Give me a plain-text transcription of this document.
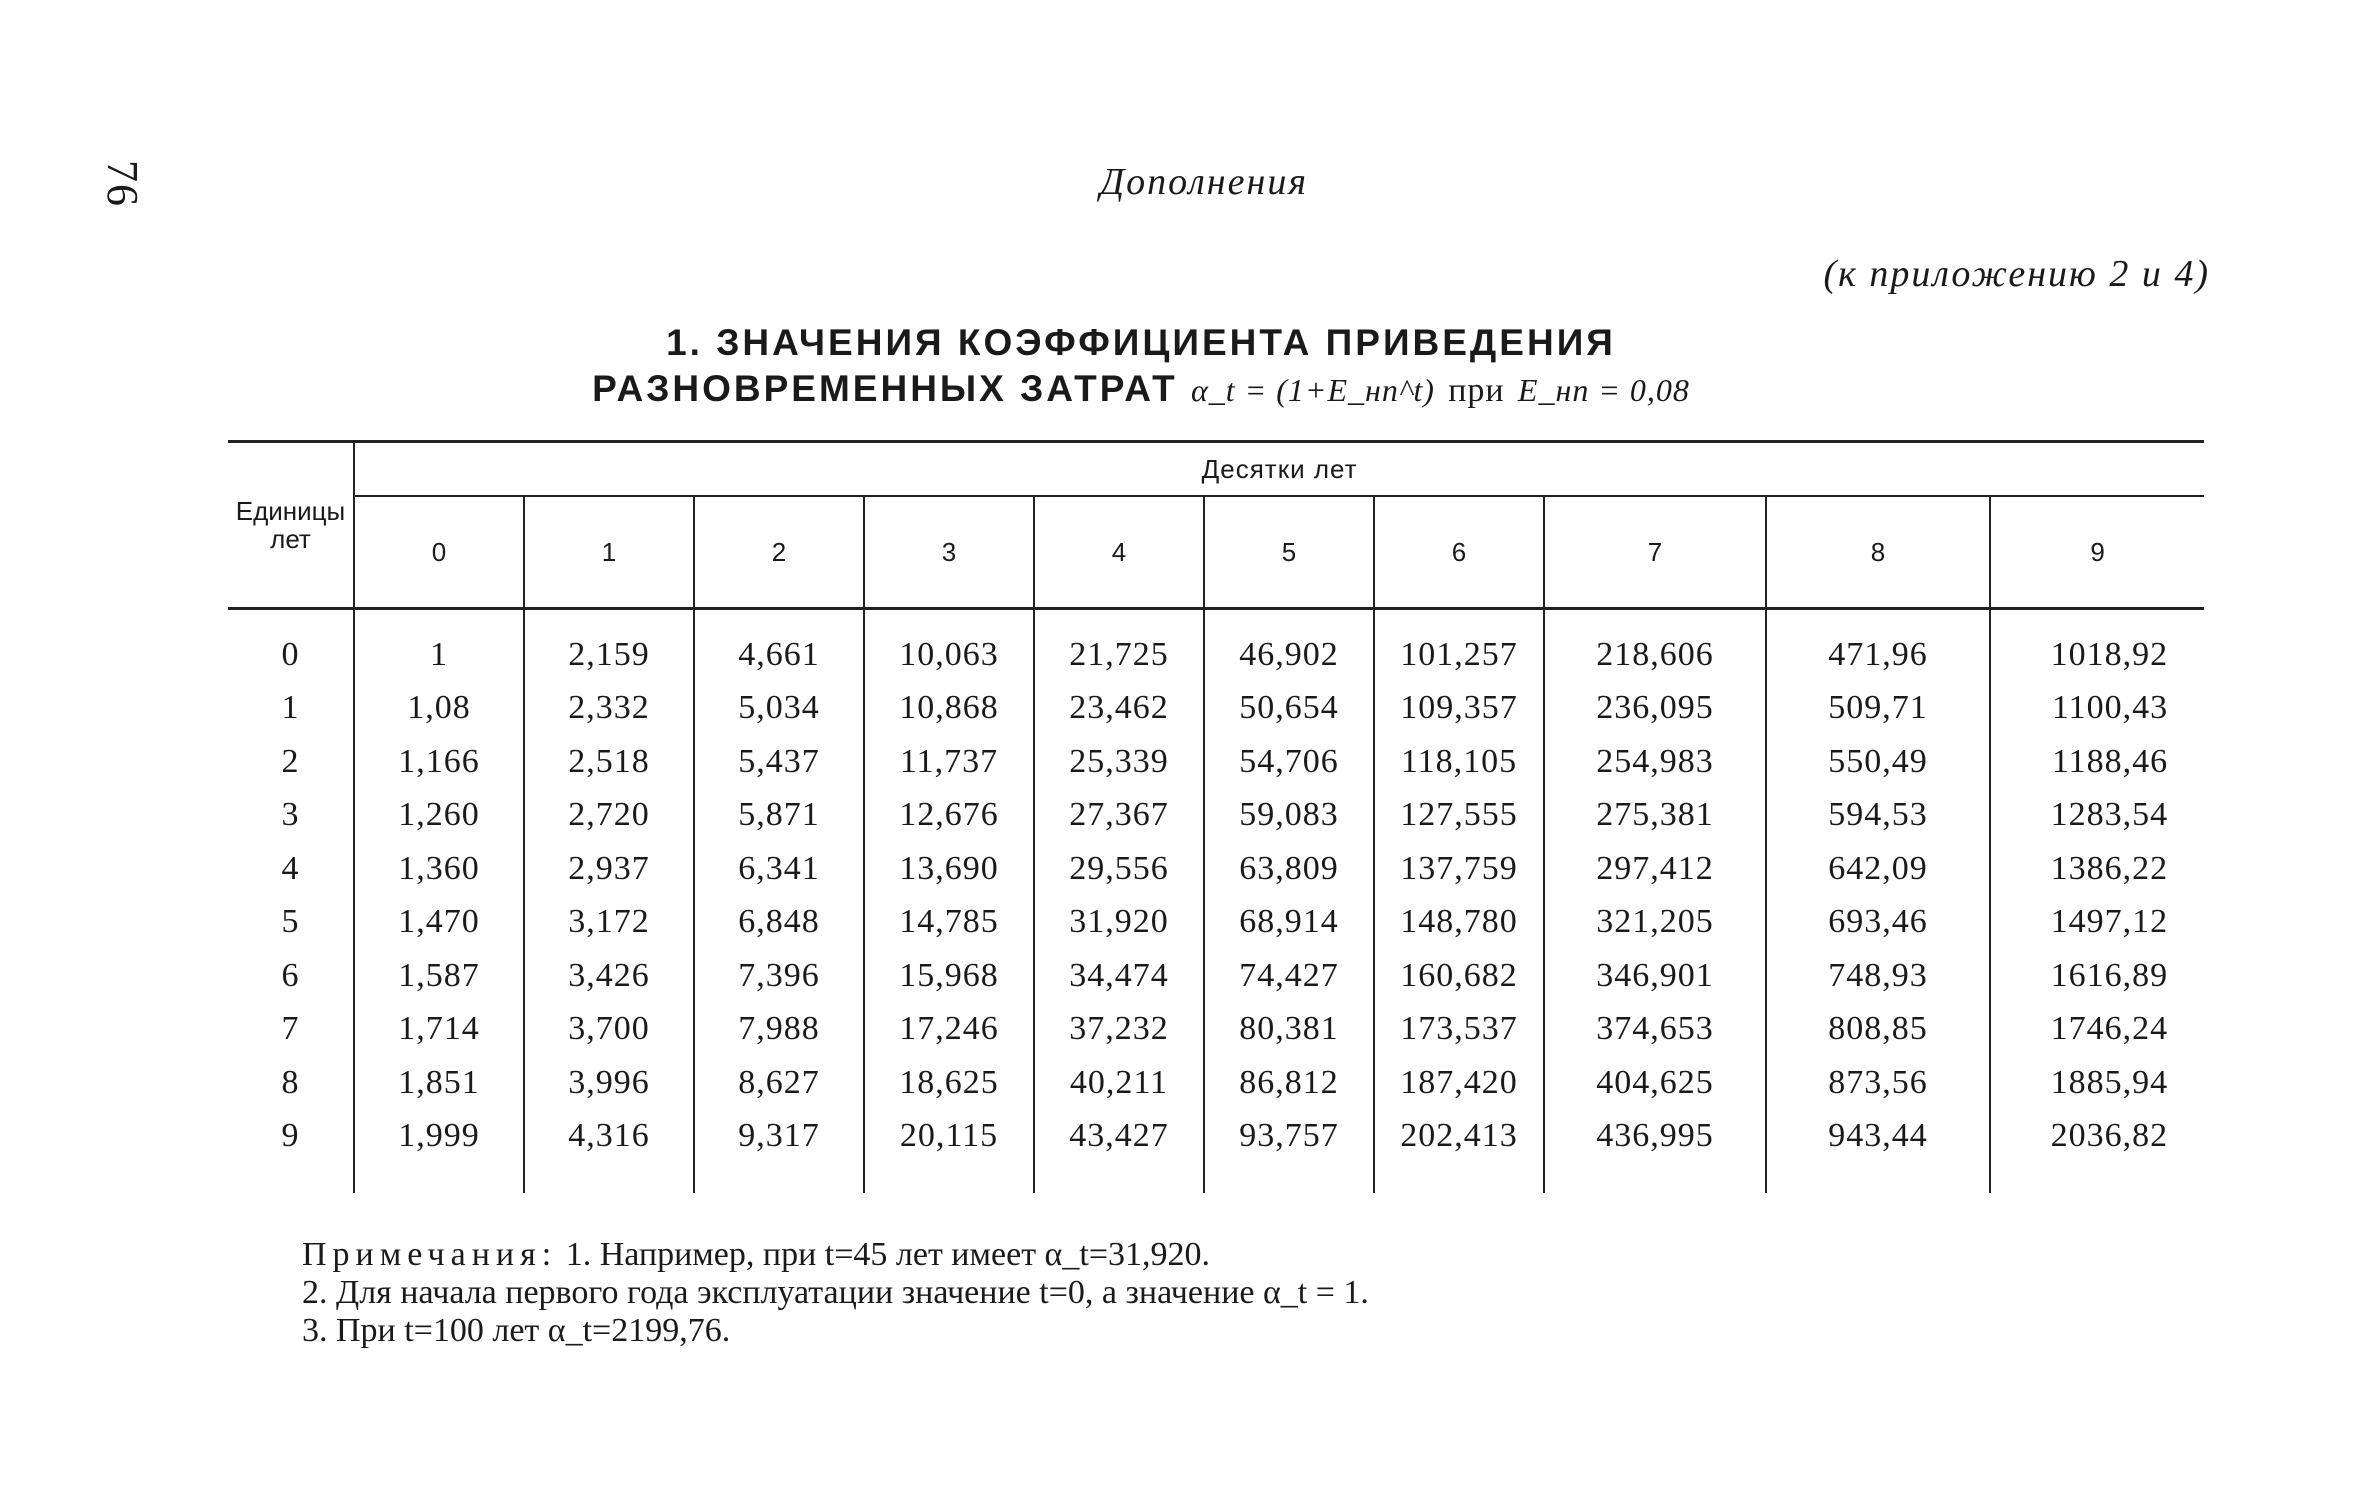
76	Дополнения
(к приложению 2 и 4)
1. ЗНАЧЕНИЯ КОЭФФИЦИЕНТА ПРИВЕДЕНИЯ
РАЗНОВРЕМЕННЫХ ЗАТРАТ α_t = (1+E_нп^t) при E_нп = 0,08
Единицы лет	Десятки лет									
	0	1	2	3	4	5	6	7	8	9

0	1	2,159	4,661	10,063	21,725	46,902	101,257	218,606	471,96	1018,92
1	1,08	2,332	5,034	10,868	23,462	50,654	109,357	236,095	509,71	1100,43
2	1,166	2,518	5,437	11,737	25,339	54,706	118,105	254,983	550,49	1188,46
3	1,260	2,720	5,871	12,676	27,367	59,083	127,555	275,381	594,53	1283,54
4	1,360	2,937	6,341	13,690	29,556	63,809	137,759	297,412	642,09	1386,22
5	1,470	3,172	6,848	14,785	31,920	68,914	148,780	321,205	693,46	1497,12
6	1,587	3,426	7,396	15,968	34,474	74,427	160,682	346,901	748,93	1616,89
7	1,714	3,700	7,988	17,246	37,232	80,381	173,537	374,653	808,85	1746,24
8	1,851	3,996	8,627	18,625	40,211	86,812	187,420	404,625	873,56	1885,94
9	1,999	4,316	9,317	20,115	43,427	93,757	202,413	436,995	943,44	2036,82

Примечания: 1. Например, при t=45 лет имеет α_t=31,920.
2. Для начала первого года эксплуатации значение t=0, а значение α_t = 1.
3. При t=100 лет α_t=2199,76.
